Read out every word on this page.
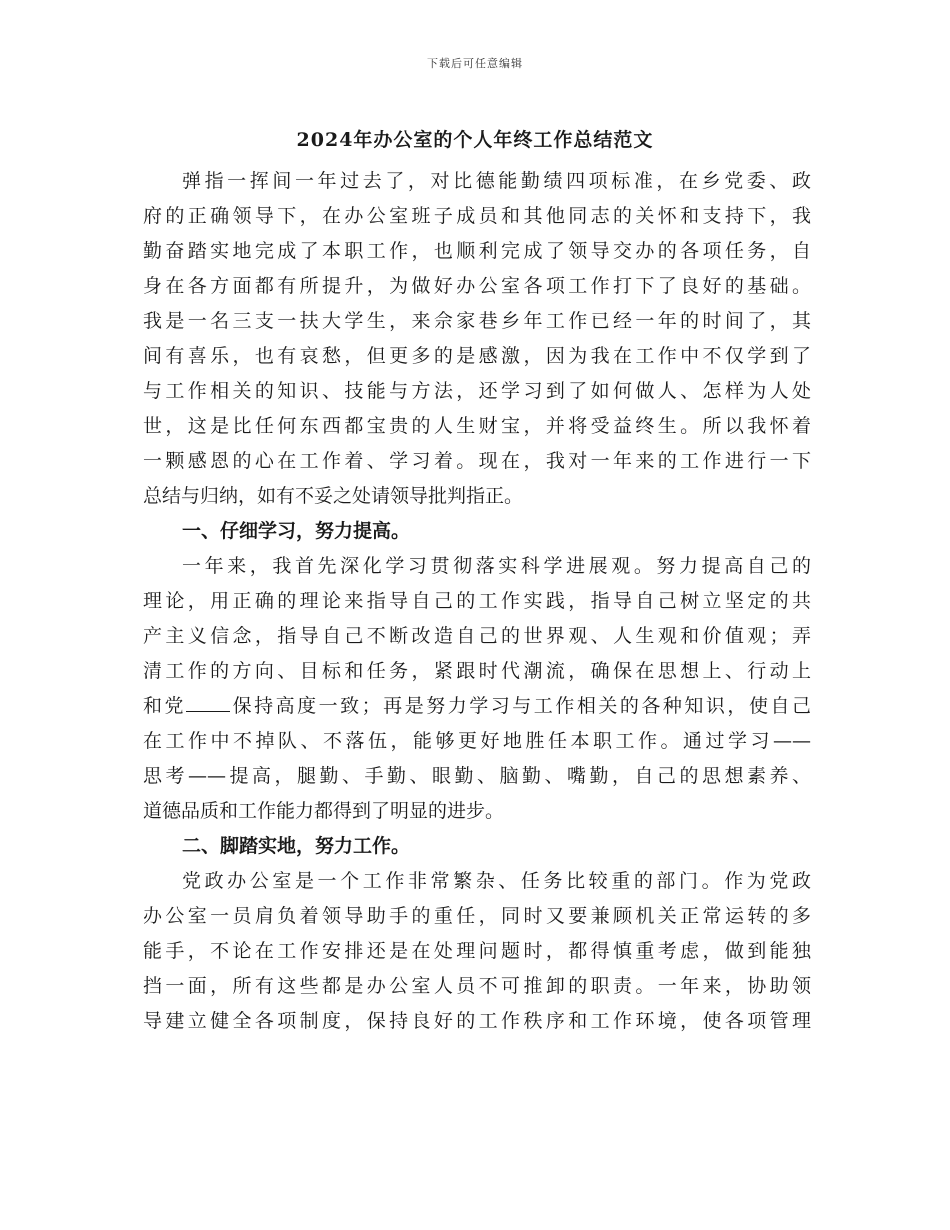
下载后可任意编辑
2024年办公室的个人年终工作总结范文
弹指一挥间一年过去了，对比德能勤绩四项标准，在乡党委、政
府的正确领导下，在办公室班子成员和其他同志的关怀和支持下，我
勤奋踏实地完成了本职工作，也顺利完成了领导交办的各项任务，自
身在各方面都有所提升，为做好办公室各项工作打下了良好的基础。
我是一名三支一扶大学生，来佘家巷乡年工作已经一年的时间了，其
间有喜乐，也有哀愁，但更多的是感激，因为我在工作中不仅学到了
与工作相关的知识、技能与方法，还学习到了如何做人、怎样为人处
世，这是比任何东西都宝贵的人生财宝，并将受益终生。所以我怀着
一颗感恩的心在工作着、学习着。现在，我对一年来的工作进行一下
总结与归纳，如有不妥之处请领导批判指正。
一、仔细学习，努力提高。
一年来，我首先深化学习贯彻落实科学进展观。努力提高自己的
理论，用正确的理论来指导自己的工作实践，指导自己树立坚定的共
产主义信念，指导自己不断改造自己的世界观、人生观和价值观；弄
清工作的方向、目标和任务，紧跟时代潮流，确保在思想上、行动上
和党 保持高度一致；再是努力学习与工作相关的各种知识，使自己
在工作中不掉队、不落伍，能够更好地胜任本职工作。通过学习——
思考——提高，腿勤、手勤、眼勤、脑勤、嘴勤，自己的思想素养、
道德品质和工作能力都得到了明显的进步。
二、脚踏实地，努力工作。
党政办公室是一个工作非常繁杂、任务比较重的部门。作为党政
办公室一员肩负着领导助手的重任，同时又要兼顾机关正常运转的多
能手，不论在工作安排还是在处理问题时，都得慎重考虑，做到能独
挡一面，所有这些都是办公室人员不可推卸的职责。一年来，协助领
导建立健全各项制度，保持良好的工作秩序和工作环境，使各项管理
